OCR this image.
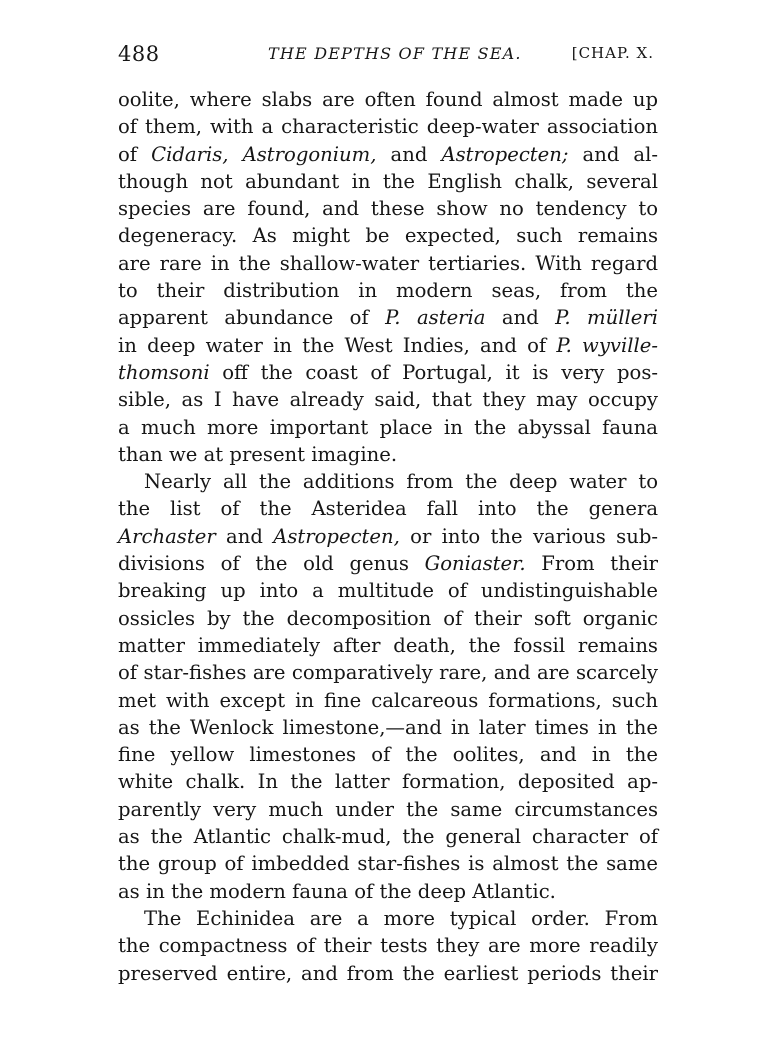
488	THE DEPTHS OF THE SEA.	[CHAP. X.
oolite, where slabs are often found almost made up
of them, with a characteristic deep-water association
of Cidaris, Astrogonium, and Astropecten; and al-
though not abundant in the English chalk, several
species are found, and these show no tendency to
degeneracy. As might be expected, such remains
are rare in the shallow-water tertiaries. With regard
to their distribution in modern seas, from the
apparent abundance of P. asteria and P. mülleri
in deep water in the West Indies, and of P. wyville-
thomsoni off the coast of Portugal, it is very pos-
sible, as I have already said, that they may occupy
a much more important place in the abyssal fauna
than we at present imagine.
Nearly all the additions from the deep water to
the list of the Asteridea fall into the genera
Archaster and Astropecten, or into the various sub-
divisions of the old genus Goniaster. From their
breaking up into a multitude of undistinguishable
ossicles by the decomposition of their soft organic
matter immediately after death, the fossil remains
of star-fishes are comparatively rare, and are scarcely
met with except in fine calcareous formations, such
as the Wenlock limestone,—and in later times in the
fine yellow limestones of the oolites, and in the
white chalk. In the latter formation, deposited ap-
parently very much under the same circumstances
as the Atlantic chalk-mud, the general character of
the group of imbedded star-fishes is almost the same
as in the modern fauna of the deep Atlantic.
The Echinidea are a more typical order. From
the compactness of their tests they are more readily
preserved entire, and from the earliest periods their
